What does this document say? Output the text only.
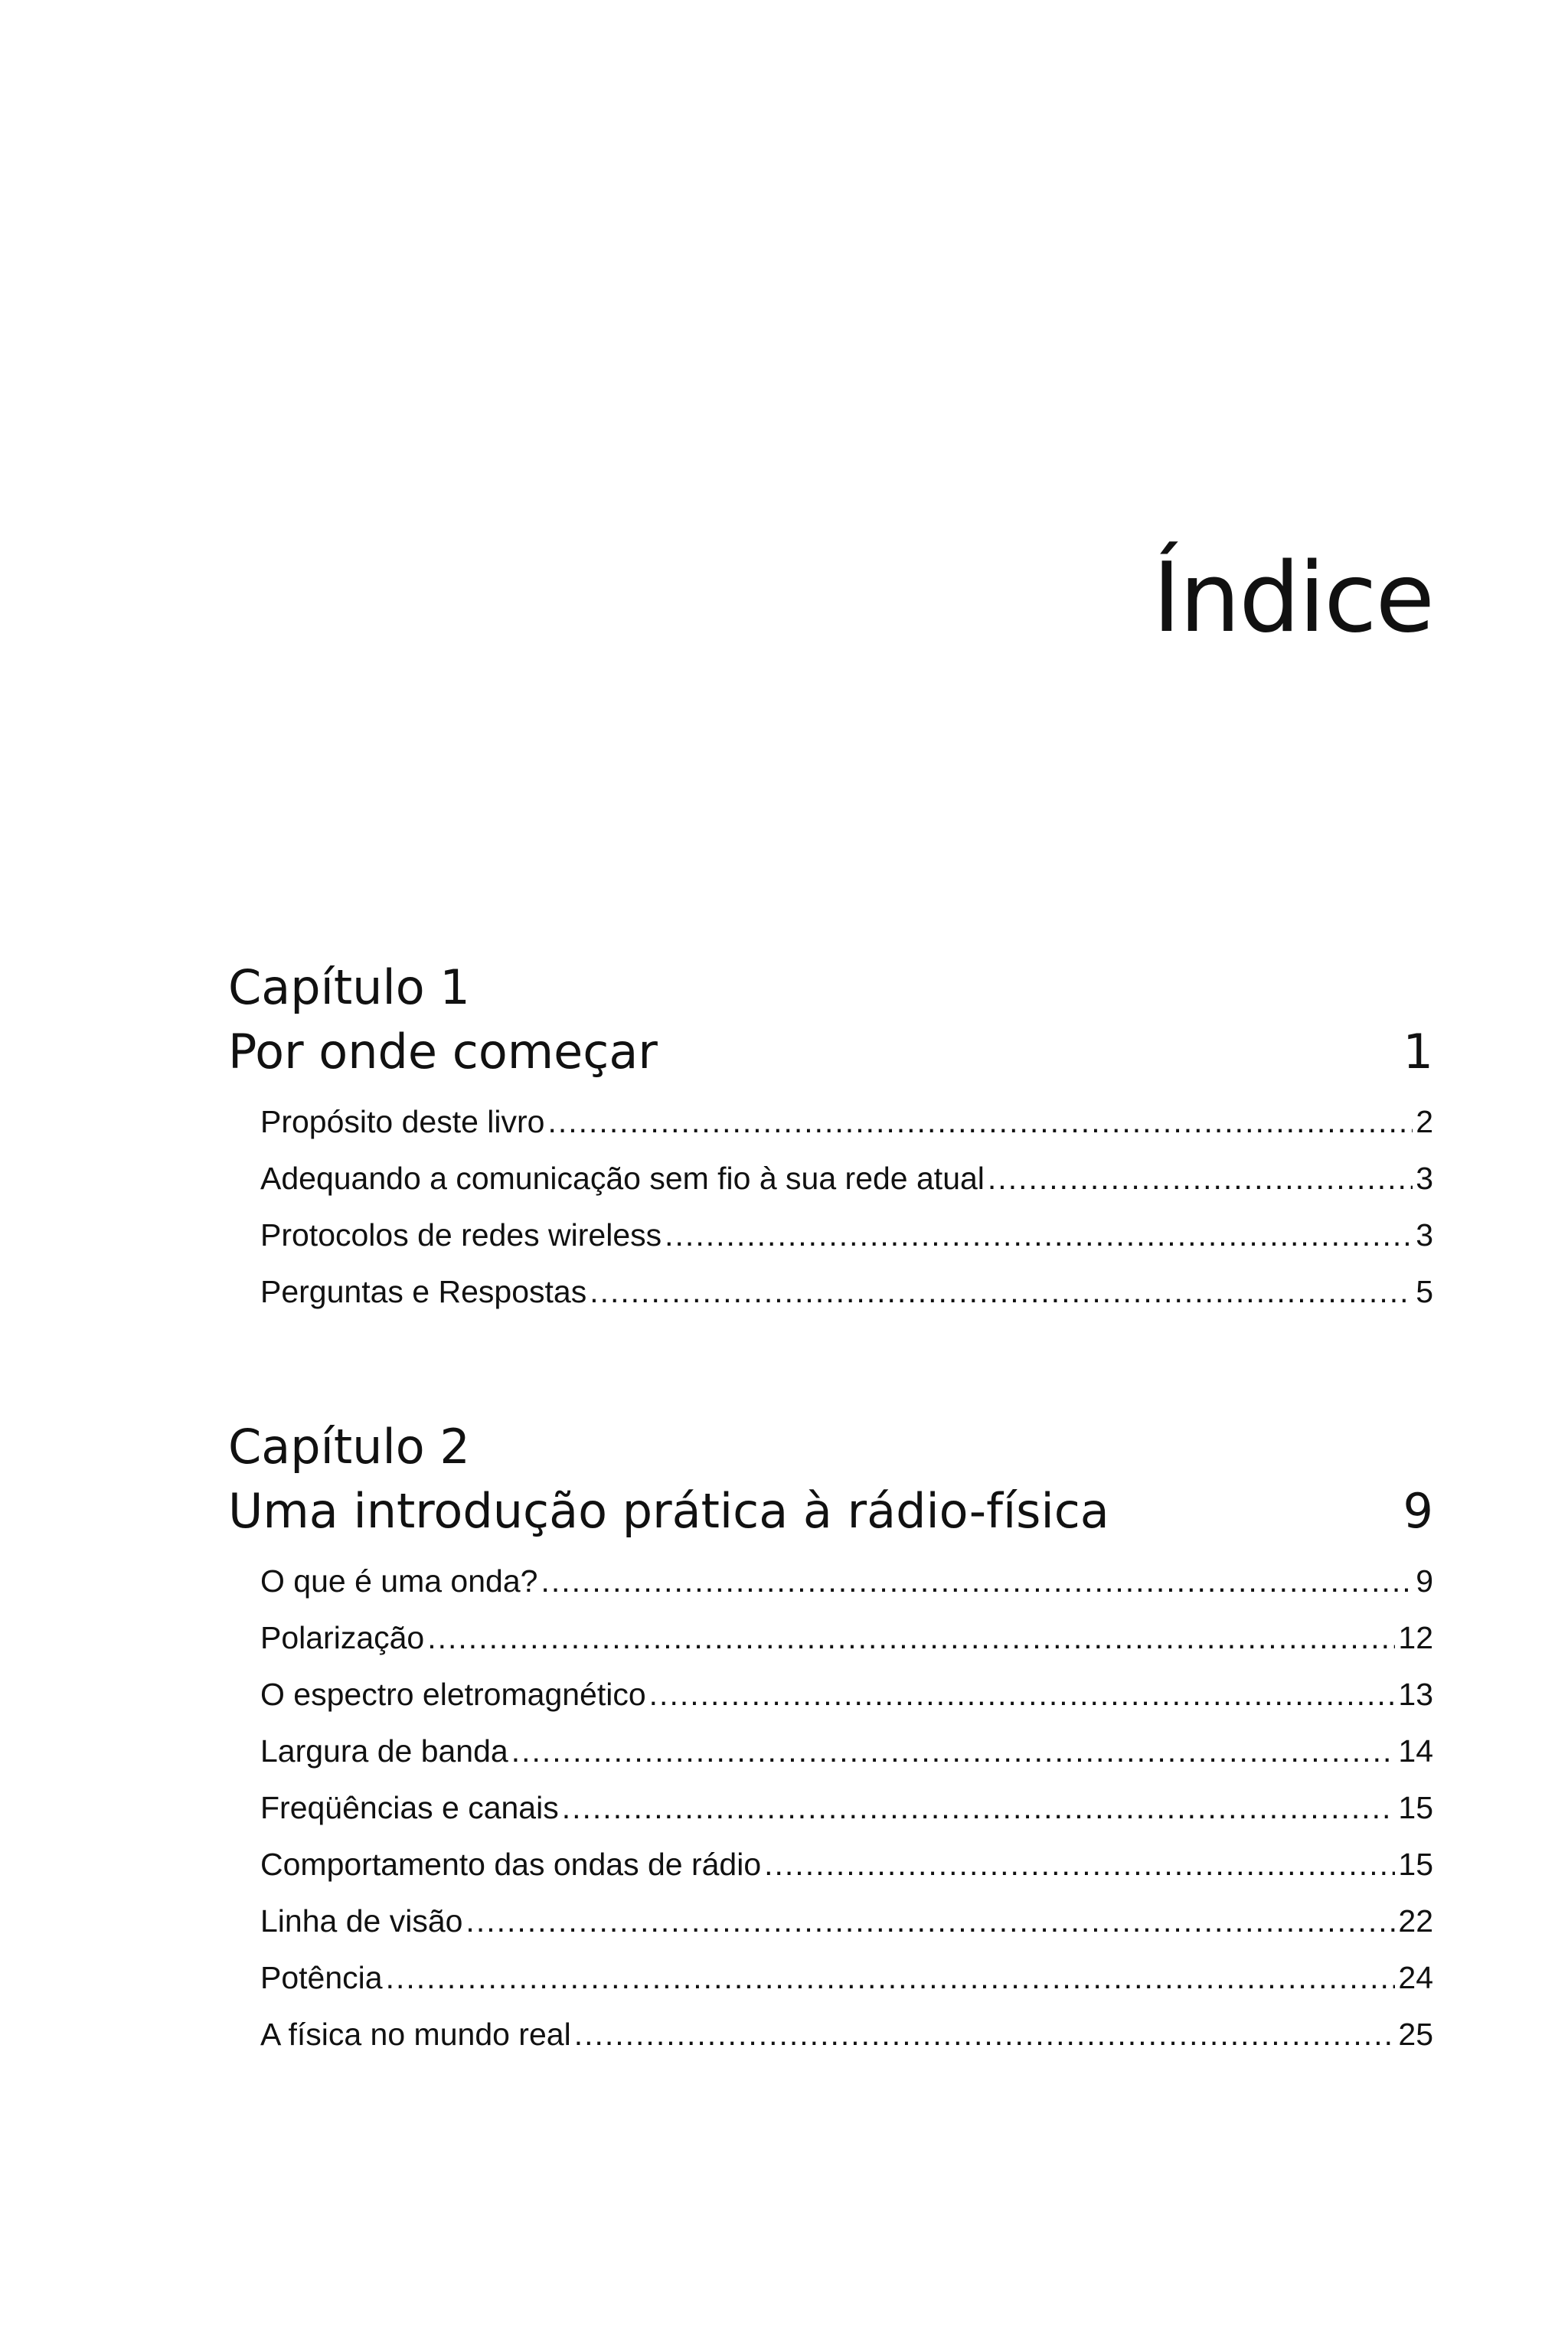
Índice
Capítulo 1
Por onde começar	1
Propósito deste livro .....	2
Adequando a comunicação sem fio à sua rede atual .....	3
Protocolos de redes wireless .....	3
Perguntas e Respostas .....	5
Capítulo 2
Uma introdução prática à rádio-física	9
O que é uma onda? .....	9
Polarização .....	12
O espectro eletromagnético .....	13
Largura de banda .....	14
Freqüências e canais .....	15
Comportamento das ondas de rádio .....	15
Linha de visão .....	22
Potência .....	24
A física no mundo real .....	25
